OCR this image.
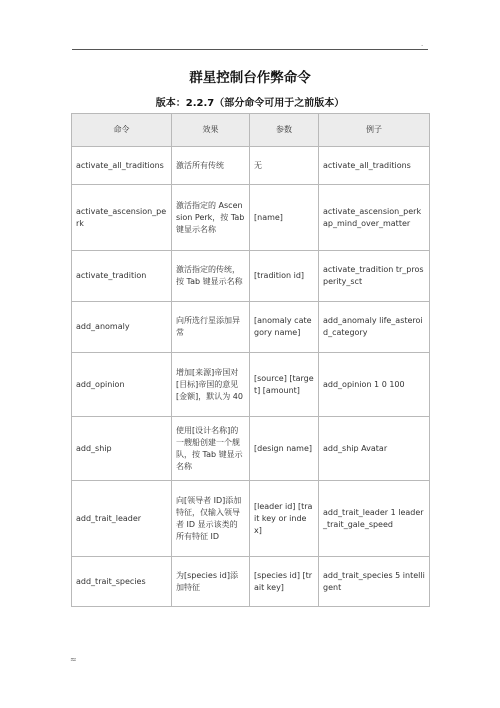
.
群星控制台作弊命令
版本：2.2.7（部分命令可用于之前版本）
命令	效果	参数	例子
activate_all_traditions	激活所有传统	无	activate_all_traditions
activate_ascension_perk	激活指定的 Ascension Perk，按 Tab 键显示名称	[name]	activate_ascension_perk ap_mind_over_matter
activate_tradition	激活指定的传统，按 Tab 键显示名称	[tradition id]	activate_tradition tr_prosperity_sct
add_anomaly	向所选行星添加异常	[anomaly category name]	add_anomaly life_asteroid_category
add_opinion	增加[来源]帝国对[目标]帝国的意见[金额]，默认为 40	[source] [target] [amount]	add_opinion 1 0 100
add_ship	使用[设计名称]的一艘船创建一个舰队，按 Tab 键显示名称	[design name]	add_ship Avatar
add_trait_leader	向[领导者 ID]添加特征，仅输入领导者 ID 显示该类的所有特征 ID	[leader id] [trait key or index]	add_trait_leader 1 leader_trait_gale_speed
add_trait_species	为[species id]添加特征	[species id] [trait key]	add_trait_species 5 intelligent
≈
